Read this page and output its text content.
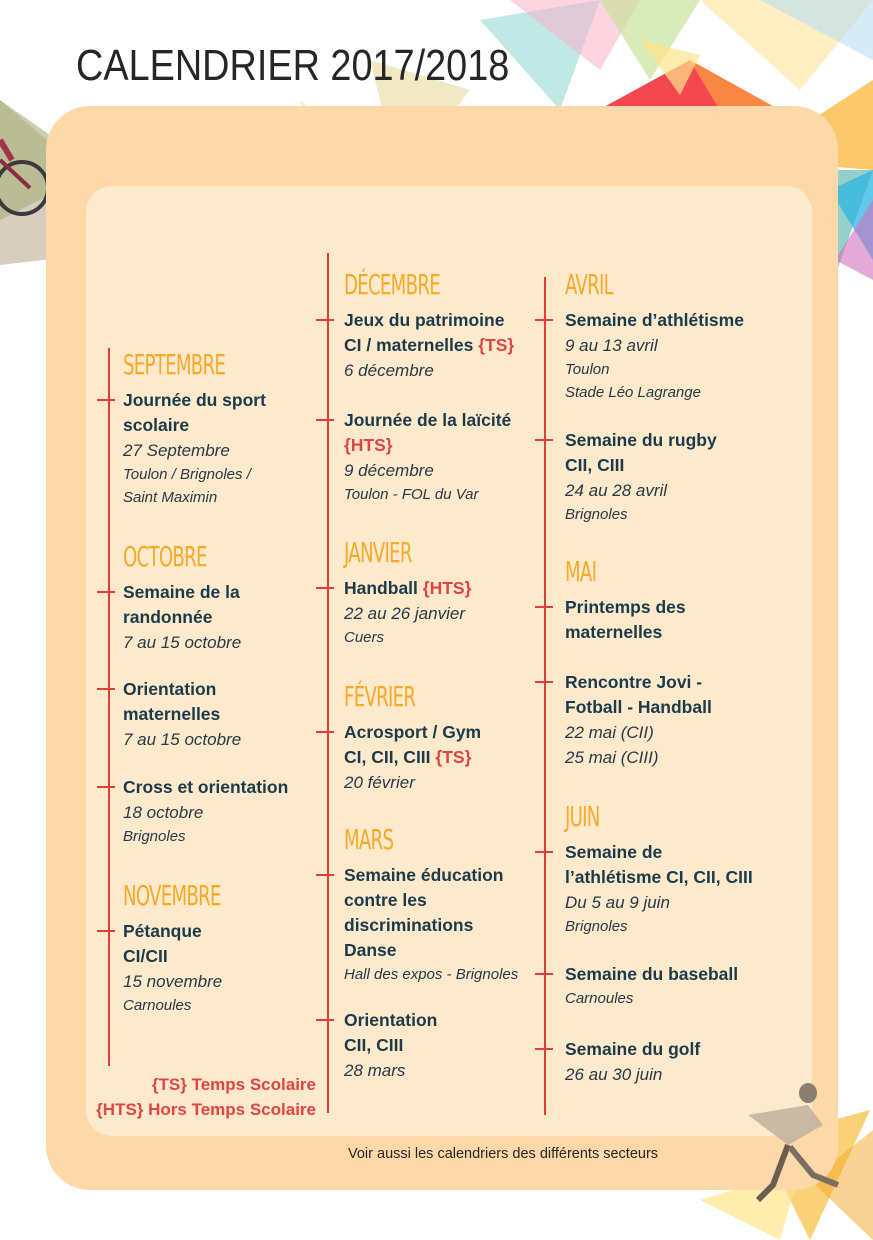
CALENDRIER 2017/2018
SEPTEMBRE
Journée du sport
scolaire
27 Septembre
Toulon / Brignoles /
Saint Maximin
OCTOBRE
Semaine de la
randonnée
7 au 15 octobre
Orientation
maternelles
7 au 15 octobre
Cross et orientation
18 octobre
Brignoles
NOVEMBRE
Pétanque
CI/CII
15 novembre
Carnoules
DÉCEMBRE
Jeux du patrimoine
CI / maternelles {TS}
6 décembre
Journée de la laïcité
{HTS}
9 décembre
Toulon - FOL du Var
JANVIER
Handball {HTS}
22 au 26 janvier
Cuers
FÉVRIER
Acrosport / Gym
CI, CII, CIII {TS}
20 février
MARS
Semaine éducation
contre les
discriminations
Danse
Hall des expos - Brignoles
Orientation
CII, CIII
28 mars
AVRIL
Semaine d’athlétisme
9 au 13 avril
Toulon
Stade Léo Lagrange
Semaine du rugby
CII, CIII
24 au 28 avril
Brignoles
MAI
Printemps des
maternelles
Rencontre Jovi -
Fotball - Handball
22 mai (CII)
25 mai (CIII)
JUIN
Semaine de
l’athlétisme CI, CII, CIII
Du 5 au 9 juin
Brignoles
Semaine du baseball
Carnoules
Semaine du golf
26 au 30 juin
{TS} Temps Scolaire
{HTS} Hors Temps Scolaire
Voir aussi les calendriers des différents secteurs
